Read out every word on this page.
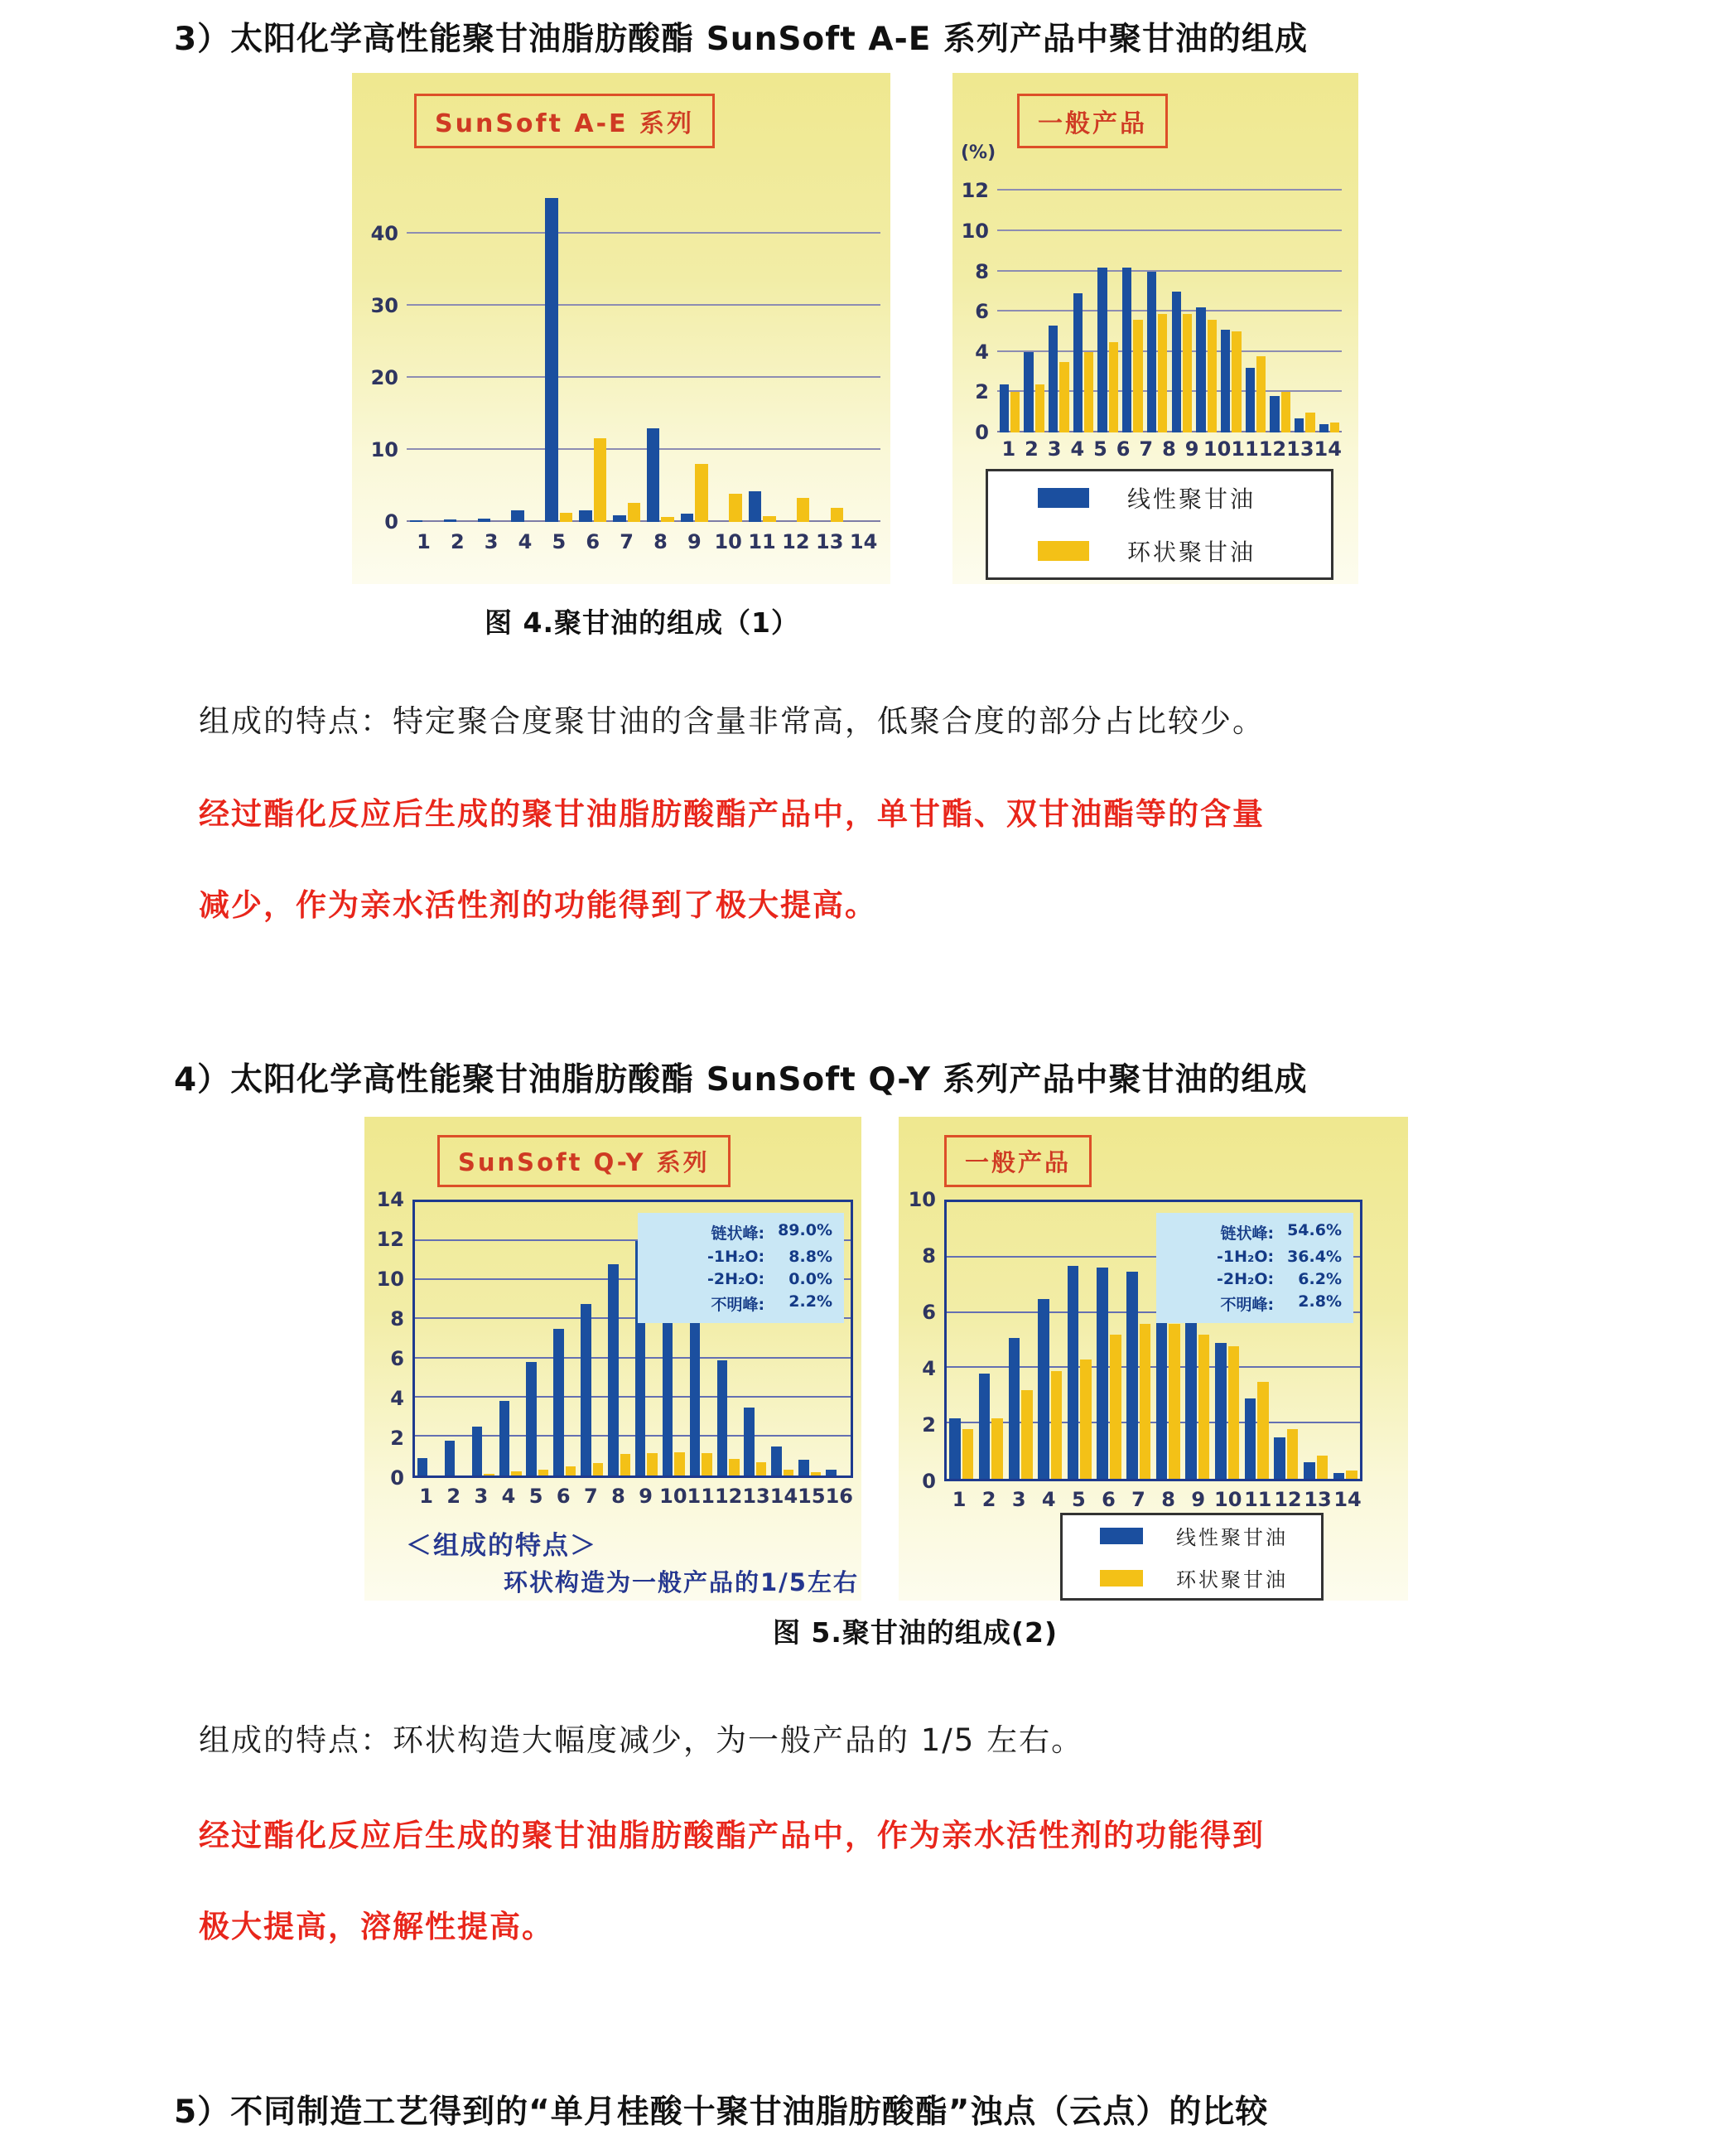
3）太阳化学高性能聚甘油脂肪酸酯 SunSoft A-E 系列产品中聚甘油的组成
SunSoft A-E 系列
0
10
20
30
40
1	2	3	4	5	6	7	8	9 10 11 12 13 14
一般产品
(%)
0
2
4
6
8
10
12
1 2 3 4 5 6 7 8 9 10 11 12 13 14
线性聚甘油
环状聚甘油
图 4.聚甘油的组成（1）
组成的特点：特定聚合度聚甘油的含量非常高，低聚合度的部分占比较少。
经过酯化反应后生成的聚甘油脂肪酸酯产品中，单甘酯、双甘油酯等的含量
减少，作为亲水活性剂的功能得到了极大提高。
4）太阳化学高性能聚甘油脂肪酸酯 SunSoft Q-Y 系列产品中聚甘油的组成
SunSoft Q-Y 系列
0
2
4
6
8
10
12
14
链状峰: 89.0%
-1H₂O:	8.8%
-2H₂O:	0.0%
不明峰:	2.2%
1 2 3 4 5 6 7 8 9 10 11 12 13 14 15 16
＜组成的特点＞
环状构造为一般产品的1/5左右
一般产品
0
2
4
6
8
10
链状峰: 54.6%
-1H₂O: 36.4%
-2H₂O:	6.2%
不明峰:	2.8%
1 2 3 4 5 6 7 8 9 10 11 12 13 14
线性聚甘油
环状聚甘油
图 5.聚甘油的组成(2)
组成的特点：环状构造大幅度减少，为一般产品的 1/5 左右。
经过酯化反应后生成的聚甘油脂肪酸酯产品中，作为亲水活性剂的功能得到
极大提高，溶解性提高。
5）不同制造工艺得到的“单月桂酸十聚甘油脂肪酸酯”浊点（云点）的比较
